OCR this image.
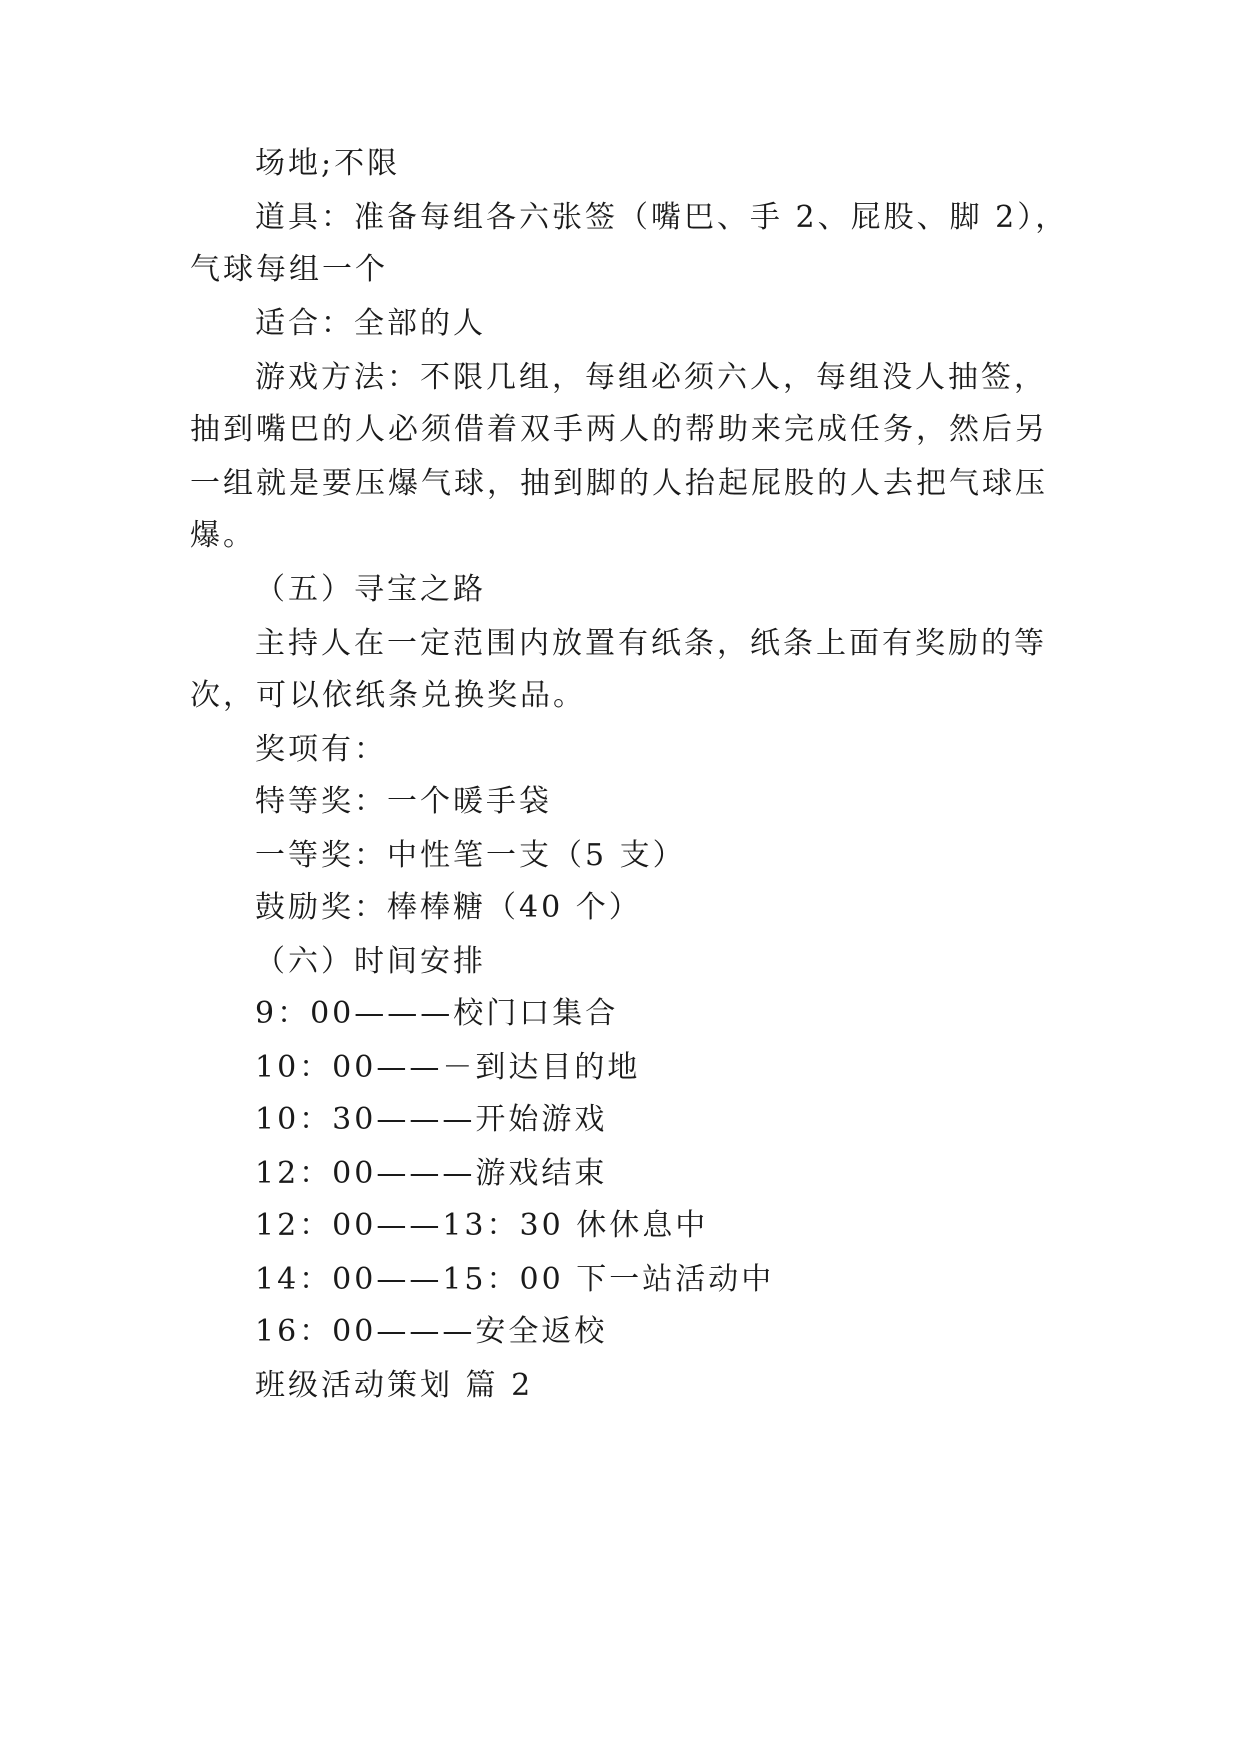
场地;不限
道具：准备每组各六张签（嘴巴、手 2、屁股、脚 2），
气球每组一个
适合：全部的人
游戏方法：不限几组，每组必须六人，每组没人抽签，
抽到嘴巴的人必须借着双手两人的帮助来完成任务，然后另
一组就是要压爆气球，抽到脚的人抬起屁股的人去把气球压
爆。
（五）寻宝之路
主持人在一定范围内放置有纸条，纸条上面有奖励的等
次，可以依纸条兑换奖品。
奖项有：
特等奖：一个暖手袋
一等奖：中性笔一支（5 支）
鼓励奖：棒棒糖（40 个）
（六）时间安排
9：00———校门口集合
10：00——－到达目的地
10：30———开始游戏
12：00———游戏结束
12：00——13：30 休休息中
14：00——15：00 下一站活动中
16：00———安全返校
班级活动策划 篇 2
